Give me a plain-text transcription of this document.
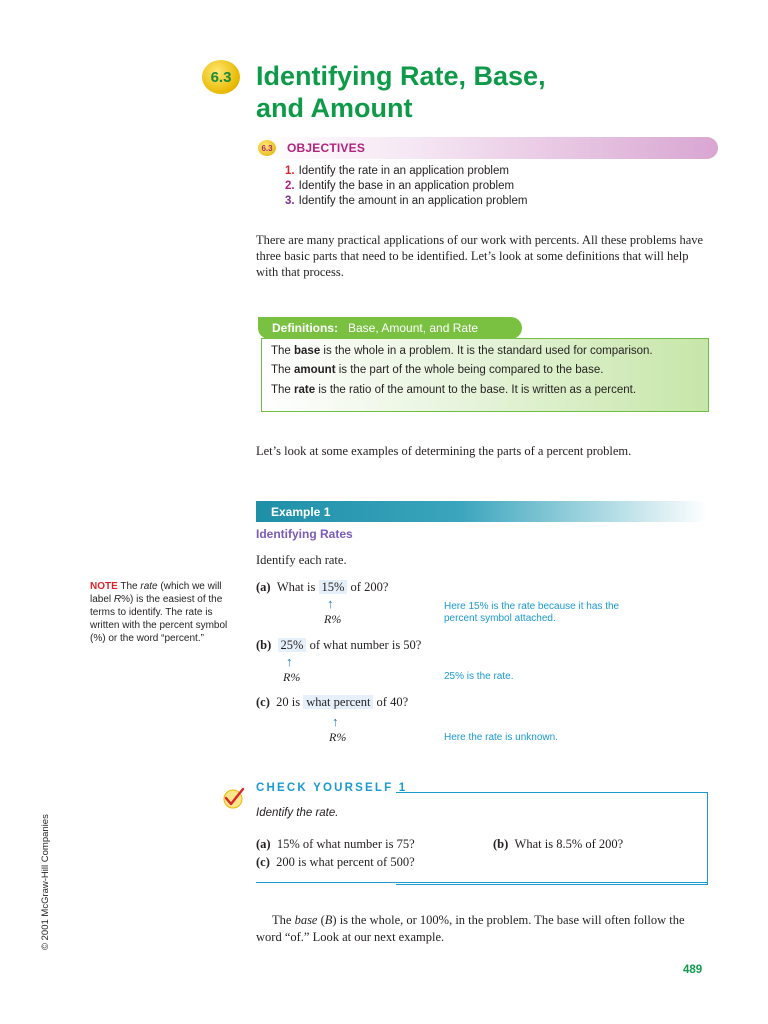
6.3 Identifying Rate, Base,
and Amount
6.3 OBJECTIVES
1. Identify the rate in an application problem
2. Identify the base in an application problem
3. Identify the amount in an application problem
There are many practical applications of our work with percents. All these problems have three basic parts that need to be identified. Let’s look at some definitions that will help with that process.
Definitions: Base, Amount, and Rate
The base is the whole in a problem. It is the standard used for comparison.
The amount is the part of the whole being compared to the base.
The rate is the ratio of the amount to the base. It is written as a percent.
Let’s look at some examples of determining the parts of a percent problem.
Example 1
Identifying Rates
Identify each rate.
NOTE The rate (which we will label R%) is the easiest of the terms to identify. The rate is written with the percent symbol (%) or the word “percent.”
(a) What is 15% of 200?
↑
R%
Here 15% is the rate because it has the percent symbol attached.
(b) 25% of what number is 50?
↑
R%	25% is the rate.
(c) 20 is what percent of 40?
↑
R%	Here the rate is unknown.
© 2001 McGraw-Hill Companies
CHECK YOURSELF 1
Identify the rate.
(a) 15% of what number is 75?	(b) What is 8.5% of 200?
(c) 200 is what percent of 500?
The base (B) is the whole, or 100%, in the problem. The base will often follow the word “of.” Look at our next example.
489
